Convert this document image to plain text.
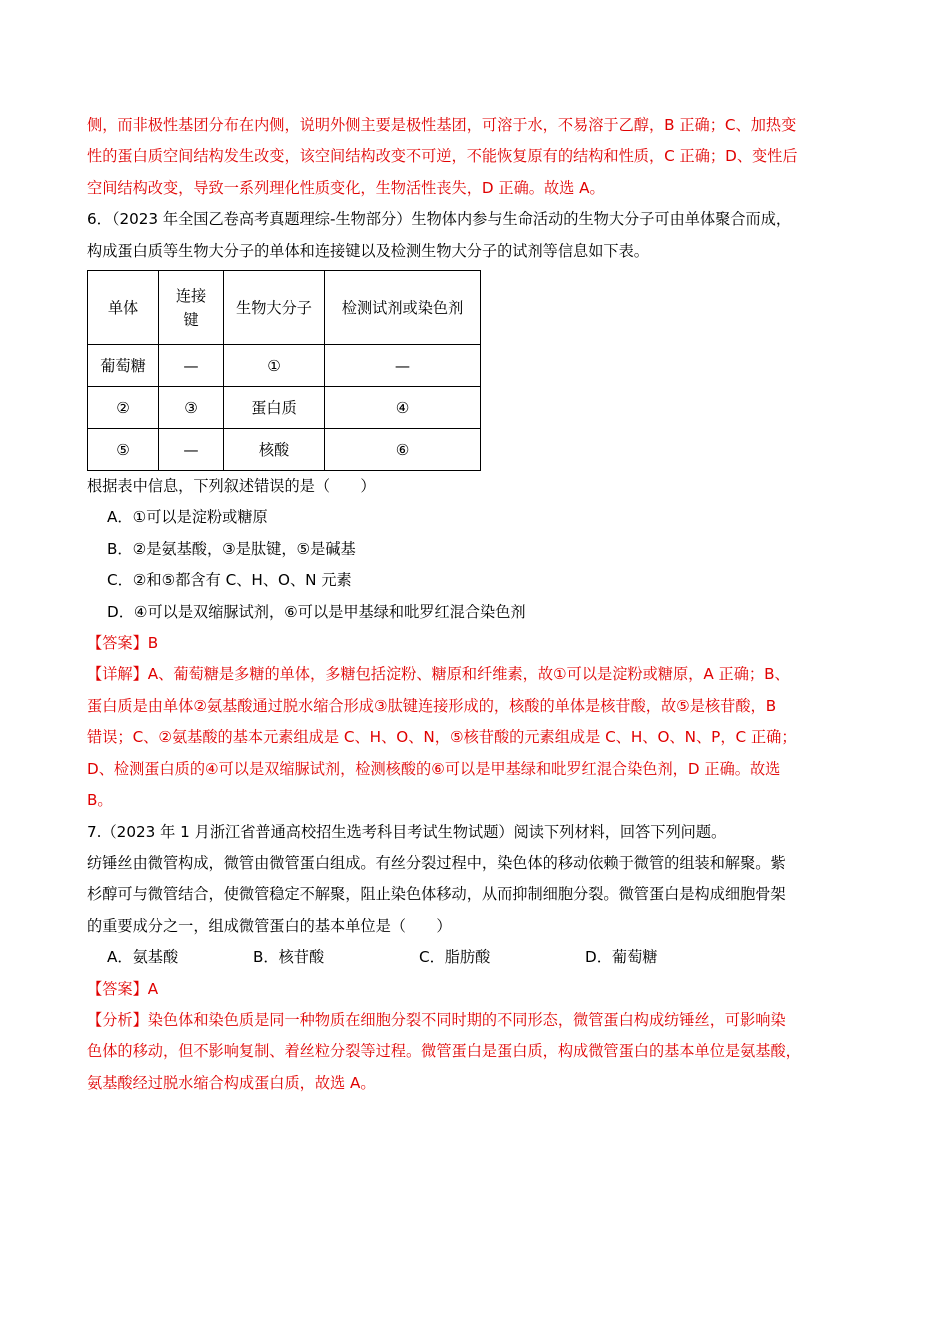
侧，而非极性基团分布在内侧，说明外侧主要是极性基团，可溶于水，不易溶于乙醇，B 正确；C、加热变

性的蛋白质空间结构发生改变，该空间结构改变不可逆，不能恢复原有的结构和性质，C 正确；D、变性后

空间结构改变，导致一系列理化性质变化，生物活性丧失，D 正确。故选 A。

6．（2023 年全国乙卷高考真题理综-生物部分）生物体内参与生命活动的生物大分子可由单体聚合而成，

构成蛋白质等生物大分子的单体和连接键以及检测生物大分子的试剂等信息如下表。

单体	连接键	生物大分子	检测试剂或染色剂
葡萄糖	—	①	—
②	③	蛋白质	④
⑤	—	核酸	⑥

根据表中信息，下列叙述错误的是（　　）

A．①可以是淀粉或糖原

B．②是氨基酸，③是肽键，⑤是碱基

C．②和⑤都含有 C、H、O、N 元素

D．④可以是双缩脲试剂，⑥可以是甲基绿和吡罗红混合染色剂

【答案】B

【详解】A、葡萄糖是多糖的单体，多糖包括淀粉、糖原和纤维素，故①可以是淀粉或糖原，A 正确；B、

蛋白质是由单体②氨基酸通过脱水缩合形成③肽键连接形成的，核酸的单体是核苷酸，故⑤是核苷酸，B

错误；C、②氨基酸的基本元素组成是 C、H、O、N，⑤核苷酸的元素组成是 C、H、O、N、P，C 正确；

D、检测蛋白质的④可以是双缩脲试剂，检测核酸的⑥可以是甲基绿和吡罗红混合染色剂，D 正确。故选

B。

7.（2023 年 1 月浙江省普通高校招生选考科目考试生物试题）阅读下列材料，回答下列问题。

纺锤丝由微管构成，微管由微管蛋白组成。有丝分裂过程中，染色体的移动依赖于微管的组装和解聚。紫

杉醇可与微管结合，使微管稳定不解聚，阻止染色体移动，从而抑制细胞分裂。微管蛋白是构成细胞骨架

的重要成分之一，组成微管蛋白的基本单位是（　　）

A．氨基酸	B．核苷酸	C．脂肪酸	D．葡萄糖

【答案】A

【分析】染色体和染色质是同一种物质在细胞分裂不同时期的不同形态，微管蛋白构成纺锤丝，可影响染

色体的移动，但不影响复制、着丝粒分裂等过程。微管蛋白是蛋白质，构成微管蛋白的基本单位是氨基酸，

氨基酸经过脱水缩合构成蛋白质，故选 A。
